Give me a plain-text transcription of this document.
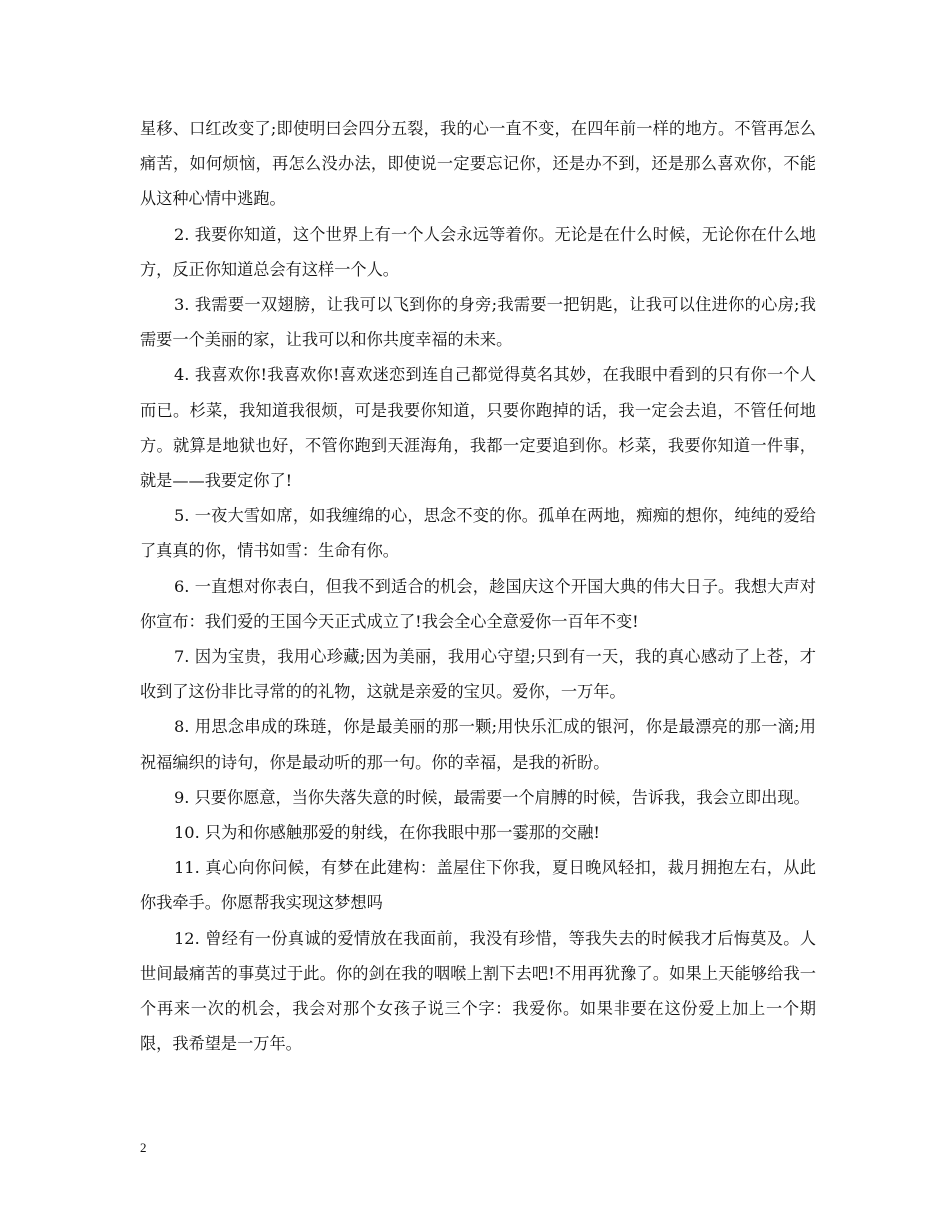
星移、口红改变了;即使明曰会四分五裂，我的心一直不变，在四年前一样的地方。不管再怎么痛苦，如何烦恼，再怎么没办法，即使说一定要忘记你，还是办不到，还是那么喜欢你，不能从这种心情中逃跑。

2. 我要你知道，这个世界上有一个人会永远等着你。无论是在什么时候，无论你在什么地方，反正你知道总会有这样一个人。

3. 我需要一双翅膀，让我可以飞到你的身旁;我需要一把钥匙，让我可以住进你的心房;我需要一个美丽的家，让我可以和你共度幸福的未来。

4. 我喜欢你!我喜欢你!喜欢迷恋到连自己都觉得莫名其妙，在我眼中看到的只有你一个人而已。杉菜，我知道我很烦，可是我要你知道，只要你跑掉的话，我一定会去追，不管任何地方。就算是地狱也好，不管你跑到天涯海角，我都一定要追到你。杉菜，我要你知道一件事，就是——我要定你了!

5. 一夜大雪如席，如我缠绵的心，思念不变的你。孤单在两地，痴痴的想你，纯纯的爱给了真真的你，情书如雪：生命有你。

6. 一直想对你表白，但我不到适合的机会，趁国庆这个开国大典的伟大日子。我想大声对你宣布：我们爱的王国今天正式成立了!我会全心全意爱你一百年不变!

7. 因为宝贵，我用心珍藏;因为美丽，我用心守望;只到有一天，我的真心感动了上苍，才收到了这份非比寻常的的礼物，这就是亲爱的宝贝。爱你，一万年。

8. 用思念串成的珠琏，你是最美丽的那一颗;用快乐汇成的银河，你是最漂亮的那一滴;用祝福编织的诗句，你是最动听的那一句。你的幸福，是我的祈盼。

9. 只要你愿意，当你失落失意的时候，最需要一个肩膊的时候，告诉我，我会立即出现。

10. 只为和你感触那爱的射线，在你我眼中那一霎那的交融!

11. 真心向你问候，有梦在此建构：盖屋住下你我，夏日晚风轻扣，裁月拥抱左右，从此你我牵手。你愿帮我实现这梦想吗

12. 曾经有一份真诚的爱情放在我面前，我没有珍惜，等我失去的时候我才后悔莫及。人世间最痛苦的事莫过于此。你的剑在我的咽喉上割下去吧!不用再犹豫了。如果上天能够给我一个再来一次的机会，我会对那个女孩子说三个字：我爱你。如果非要在这份爱上加上一个期限，我希望是一万年。

2
